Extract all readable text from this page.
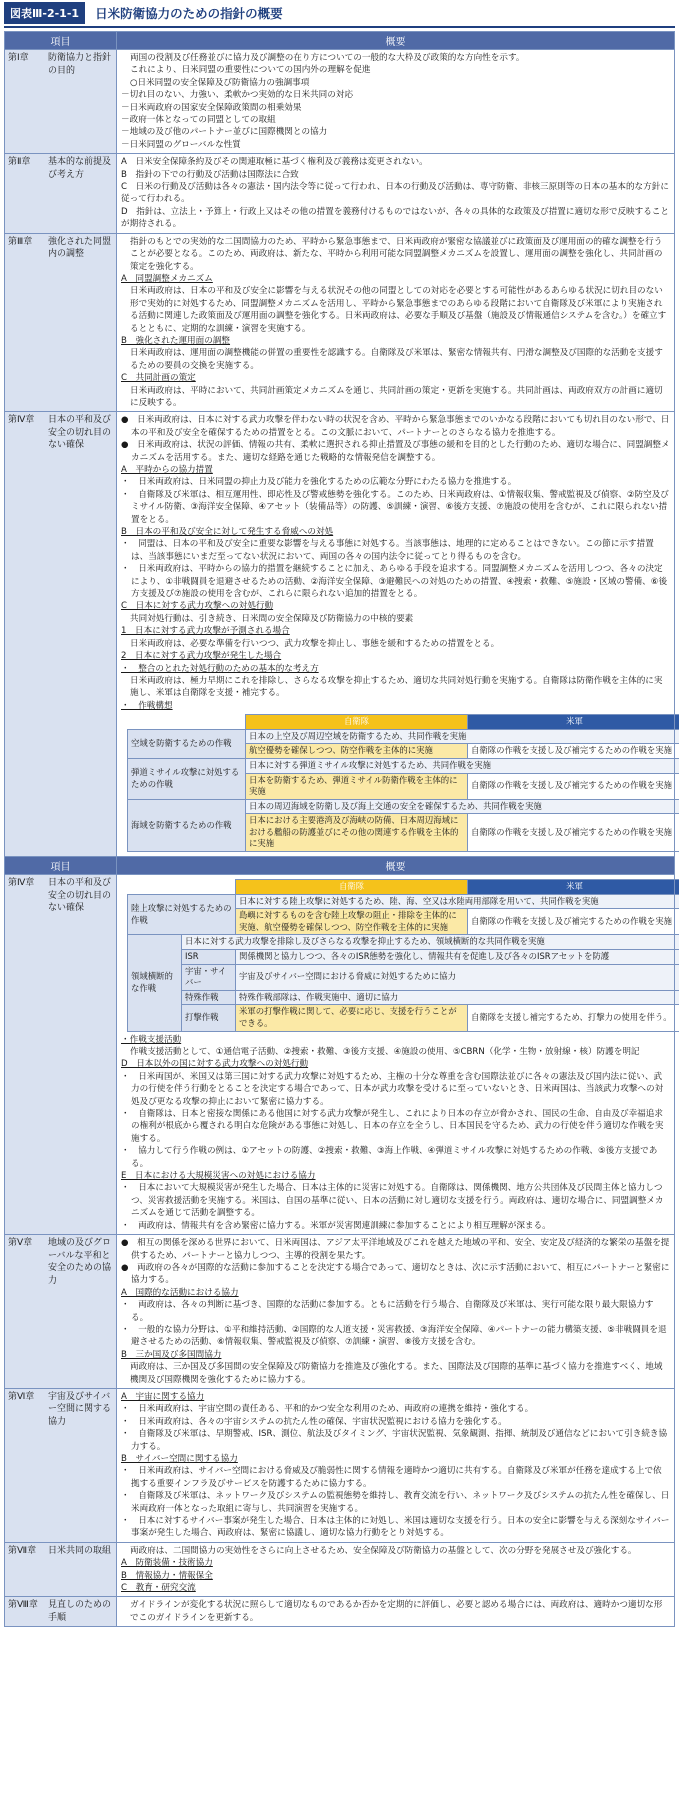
図表Ⅲ-2-1-1	日米防衛協力のための指針の概要
項目	概要

第Ⅰ章	防衛協力と指針の目的

両国の役割及び任務並びに協力及び調整の在り方についての一般的な大枠及び政策的な方向性を示す。

これにより、日米同盟の重要性についての国内外の理解を促進

○日米同盟の安全保障及び防衛協力の強調事項

－切れ目のない、力強い、柔軟かつ実効的な日米共同の対応

－日米両政府の国家安全保障政策間の相乗効果

－政府一体となっての同盟としての取組

－地域の及び他のパートナー並びに国際機関との協力

－日米同盟のグローバルな性質

第Ⅱ章	基本的な前提及び考え方

A　日米安全保障条約及びその関連取極に基づく権利及び義務は変更されない。

B　指針の下での行動及び活動は国際法に合致

C　日米の行動及び活動は各々の憲法・国内法令等に従って行われ、日本の行動及び活動は、専守防衛、非核三原則等の日本の基本的な方針に従って行われる。

D　指針は、立法上・予算上・行政上又はその他の措置を義務付けるものではないが、各々の具体的な政策及び措置に適切な形で反映することが期待される。

第Ⅲ章	強化された同盟内の調整

指針のもとでの実効的な二国間協力のため、平時から緊急事態まで、日米両政府が緊密な協議並びに政策面及び運用面の的確な調整を行うことが必要となる。このため、両政府は、新たな、平時から利用可能な同盟調整メカニズムを設置し、運用面の調整を強化し、共同計画の策定を強化する。

A　同盟調整メカニズム

日米両政府は、日本の平和及び安全に影響を与える状況その他の同盟としての対応を必要とする可能性があるあらゆる状況に切れ目のない形で実効的に対処するため、同盟調整メカニズムを活用し、平時から緊急事態までのあらゆる段階において自衛隊及び米軍により実施される活動に関連した政策面及び運用面の調整を強化する。日米両政府は、必要な手順及び基盤（施設及び情報通信システムを含む。）を確立するとともに、定期的な訓練・演習を実施する。

B　強化された運用面の調整

日米両政府は、運用面の調整機能の併置の重要性を認識する。自衛隊及び米軍は、緊密な情報共有、円滑な調整及び国際的な活動を支援するための要員の交換を実施する。

C　共同計画の策定

日米両政府は、平時において、共同計画策定メカニズムを通じ、共同計画の策定・更新を実施する。共同計画は、両政府双方の計画に適切に反映する。

第Ⅳ章	日本の平和及び安全の切れ目のない確保

●　日米両政府は、日本に対する武力攻撃を伴わない時の状況を含め、平時から緊急事態までのいかなる段階においても切れ目のない形で、日本の平和及び安全を確保するための措置をとる。この文脈において、パートナーとのさらなる協力を推進する。

●　日米両政府は、状況の評価、情報の共有、柔軟に選択される抑止措置及び事態の緩和を目的とした行動のため、適切な場合に、同盟調整メカニズムを活用する。また、適切な経路を通じた戦略的な情報発信を調整する。

A　平時からの協力措置

・　日米両政府は、日米同盟の抑止力及び能力を強化するための広範な分野にわたる協力を推進する。

・　自衛隊及び米軍は、相互運用性、即応性及び警戒態勢を強化する。このため、日米両政府は、①情報収集、警戒監視及び偵察、②防空及びミサイル防衛、③海洋安全保障、④アセット（装備品等）の防護、⑤訓練・演習、⑥後方支援、⑦施設の使用を含むが、これに限られない措置をとる。

B　日本の平和及び安全に対して発生する脅威への対処

・　同盟は、日本の平和及び安全に重要な影響を与える事態に対処する。当該事態は、地理的に定めることはできない。この節に示す措置は、当該事態にいまだ至ってない状況において、両国の各々の国内法令に従ってとり得るものを含む。

・　日米両政府は、平時からの協力的措置を継続することに加え、あらゆる手段を追求する。同盟調整メカニズムを活用しつつ、各々の決定により、①非戦闘員を退避させるための活動、②海洋安全保障、③避難民への対処のための措置、④捜索・救難、⑤施設・区域の警備、⑥後方支援及び⑦施設の使用を含むが、これらに限られない追加的措置をとる。

C　日本に対する武力攻撃への対処行動

共同対処行動は、引き続き、日米間の安全保障及び防衛協力の中核的要素

1　日本に対する武力攻撃が予測される場合

日米両政府は、必要な準備を行いつつ、武力攻撃を抑止し、事態を緩和するための措置をとる。

2　日本に対する武力攻撃が発生した場合

・　整合のとれた対処行動のための基本的な考え方

日米両政府は、極力早期にこれを排除し、さらなる攻撃を抑止するため、適切な共同対処行動を実施する。自衛隊は防衛作戦を主体的に実施し、米軍は自衛隊を支援・補完する。

・　作戦構想

	自衛隊	米軍
空域を防衛するための作戦	日本の上空及び周辺空域を防衛するため、共同作戦を実施
航空優勢を確保しつつ、防空作戦を主体的に実施	自衛隊の作戦を支援し及び補完するための作戦を実施

弾道ミサイル攻撃に対処するための作戦	日本に対する弾道ミサイル攻撃に対処するため、共同作戦を実施
日本を防衛するため、弾道ミサイル防衛作戦を主体的に実施	自衛隊の作戦を支援し及び補完するための作戦を実施
海域を防衛するための作戦	日本の周辺海域を防衛し及び海上交通の安全を確保するため、共同作戦を実施
日本における主要港湾及び海峡の防備、日本周辺海域における艦船の防護並びにその他の関連する作戦を主体的に実施	自衛隊の作戦を支援し及び補完するための作戦を実施

項目	概要

第Ⅳ章	日本の平和及び安全の切れ目のない確保

	自衛隊	米軍
陸上攻撃に対処するための作戦	日本に対する陸上攻撃に対処するため、陸、海、空又は水陸両用部隊を用いて、共同作戦を実施
島嶼に対するものを含む陸上攻撃の阻止・排除を主体的に実施、航空優勢を確保しつつ、防空作戦を主体的に実施	自衛隊の作戦を支援し及び補完するための作戦を実施
領域横断的な作戦	日本に対する武力攻撃を排除し及びさらなる攻撃を抑止するため、領域横断的な共同作戦を実施
ISR	関係機関と協力しつつ、各々のISR態勢を強化し、情報共有を促進し及び各々のISRアセットを防護
宇宙・サイバー	宇宙及びサイバー空間における脅威に対処するために協力
特殊作戦	特殊作戦部隊は、作戦実施中、適切に協力
打撃作戦	米軍の打撃作戦に関して、必要に応じ、支援を行うことができる。	自衛隊を支援し補完するため、打撃力の使用を伴う。

・作戦支援活動

作戦支援活動として、①通信電子活動、②捜索・救難、③後方支援、④施設の使用、⑤CBRN（化学・生物・放射線・核）防護を明記

D　日本以外の国に対する武力攻撃への対処行動

・　日米両国が、米国又は第三国に対する武力攻撃に対処するため、主権の十分な尊重を含む国際法並びに各々の憲法及び国内法に従い、武力の行使を伴う行動をとることを決定する場合であって、日本が武力攻撃を受けるに至っていないとき、日米両国は、当該武力攻撃への対処及び更なる攻撃の抑止において緊密に協力する。

・　自衛隊は、日本と密接な関係にある他国に対する武力攻撃が発生し、これにより日本の存立が脅かされ、国民の生命、自由及び幸福追求の権利が根底から覆される明白な危険がある事態に対処し、日本の存立を全うし、日本国民を守るため、武力の行使を伴う適切な作戦を実施する。

・　協力して行う作戦の例は、①アセットの防護、②捜索・救難、③海上作戦、④弾道ミサイル攻撃に対処するための作戦、⑤後方支援である。

E　日本における大規模災害への対処における協力

・　日本において大規模災害が発生した場合、日本は主体的に災害に対処する。自衛隊は、関係機関、地方公共団体及び民間主体と協力しつつ、災害救援活動を実施する。米国は、自国の基準に従い、日本の活動に対し適切な支援を行う。両政府は、適切な場合に、同盟調整メカニズムを通じて活動を調整する。

・　両政府は、情報共有を含め緊密に協力する。米軍が災害関連訓練に参加することにより相互理解が深まる。

第Ⅴ章	地域の及びグローバルな平和と安全のための協力

●　相互の関係を深める世界において、日米両国は、アジア太平洋地域及びこれを越えた地域の平和、安全、安定及び経済的な繁栄の基盤を提供するため、パートナーと協力しつつ、主導的役割を果たす。

●　両政府の各々が国際的な活動に参加することを決定する場合であって、適切なときは、次に示す活動において、相互にパートナーと緊密に協力する。

A　国際的な活動における協力

・　両政府は、各々の判断に基づき、国際的な活動に参加する。ともに活動を行う場合、自衛隊及び米軍は、実行可能な限り最大限協力する。

・　一般的な協力分野は、①平和維持活動、②国際的な人道支援・災害救援、③海洋安全保障、④パートナーの能力構築支援、⑤非戦闘員を退避させるための活動、⑥情報収集、警戒監視及び偵察、⑦訓練・演習、⑧後方支援を含む。

B　三か国及び多国間協力

両政府は、三か国及び多国間の安全保障及び防衛協力を推進及び強化する。また、国際法及び国際的基準に基づく協力を推進すべく、地域機関及び国際機関を強化するために協力する。

第Ⅵ章	宇宙及びサイバー空間に関する協力

A　宇宙に関する協力

・　日米両政府は、宇宙空間の責任ある、平和的かつ安全な利用のため、両政府の連携を維持・強化する。

・　日米両政府は、各々の宇宙システムの抗たん性の確保、宇宙状況監視における協力を強化する。

・　自衛隊及び米軍は、早期警戒、ISR、測位、航法及びタイミング、宇宙状況監視、気象観測、指揮、統制及び通信などにおいて引き続き協力する。

B　サイバー空間に関する協力

・　日米両政府は、サイバー空間における脅威及び脆弱性に関する情報を適時かつ適切に共有する。自衛隊及び米軍が任務を達成する上で依拠する重要インフラ及びサービスを防護するために協力する。

・　自衛隊及び米軍は、ネットワーク及びシステムの監視態勢を維持し、教育交流を行い、ネットワーク及びシステムの抗たん性を確保し、日米両政府一体となった取組に寄与し、共同演習を実施する。

・　日本に対するサイバー事案が発生した場合、日本は主体的に対処し、米国は適切な支援を行う。日本の安全に影響を与える深刻なサイバー事案が発生した場合、両政府は、緊密に協議し、適切な協力行動をとり対処する。

第Ⅶ章	日米共同の取組	両政府は、二国間協力の実効性をさらに向上させるため、安全保障及び防衛協力の基盤として、次の分野を発展させ及び強化する。

A　防衛装備・技術協力

B　情報協力・情報保全

C　教育・研究交流

第Ⅷ章	見直しのための手順

ガイドラインが変化する状況に照らして適切なものであるか否かを定期的に評価し、必要と認める場合には、両政府は、適時かつ適切な形でこのガイドラインを更新する。
